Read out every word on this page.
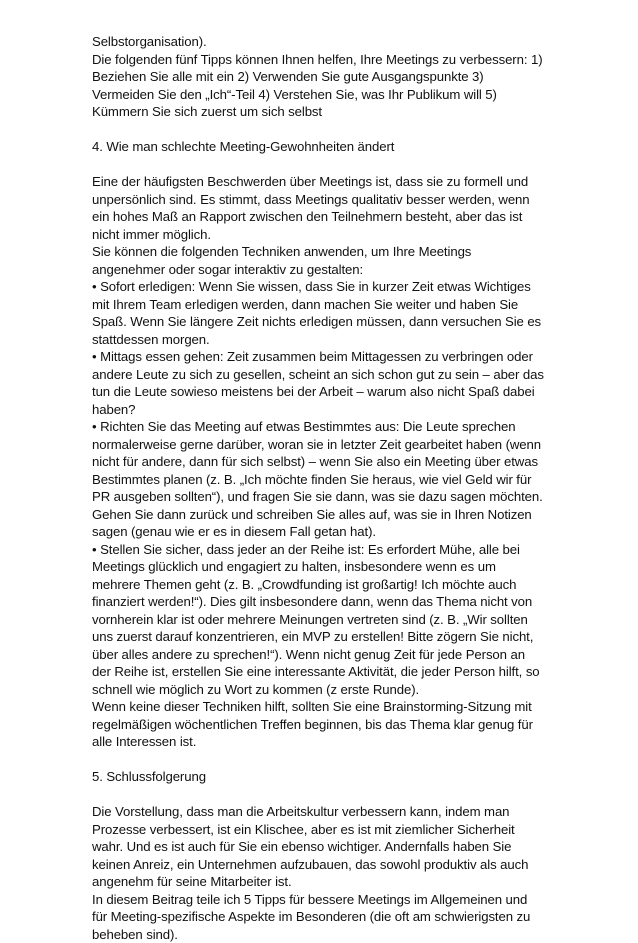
Selbstorganisation).
Die folgenden fünf Tipps können Ihnen helfen, Ihre Meetings zu verbessern: 1)
Beziehen Sie alle mit ein 2) Verwenden Sie gute Ausgangspunkte 3)
Vermeiden Sie den „Ich“-Teil 4) Verstehen Sie, was Ihr Publikum will 5)
Kümmern Sie sich zuerst um sich selbst
4. Wie man schlechte Meeting-Gewohnheiten ändert
Eine der häufigsten Beschwerden über Meetings ist, dass sie zu formell und
unpersönlich sind. Es stimmt, dass Meetings qualitativ besser werden, wenn
ein hohes Maß an Rapport zwischen den Teilnehmern besteht, aber das ist
nicht immer möglich.
Sie können die folgenden Techniken anwenden, um Ihre Meetings
angenehmer oder sogar interaktiv zu gestalten:
• Sofort erledigen: Wenn Sie wissen, dass Sie in kurzer Zeit etwas Wichtiges
mit Ihrem Team erledigen werden, dann machen Sie weiter und haben Sie
Spaß. Wenn Sie längere Zeit nichts erledigen müssen, dann versuchen Sie es
stattdessen morgen.
• Mittags essen gehen: Zeit zusammen beim Mittagessen zu verbringen oder
andere Leute zu sich zu gesellen, scheint an sich schon gut zu sein – aber das
tun die Leute sowieso meistens bei der Arbeit – warum also nicht Spaß dabei
haben?
• Richten Sie das Meeting auf etwas Bestimmtes aus: Die Leute sprechen
normalerweise gerne darüber, woran sie in letzter Zeit gearbeitet haben (wenn
nicht für andere, dann für sich selbst) – wenn Sie also ein Meeting über etwas
Bestimmtes planen (z. B. „Ich möchte finden Sie heraus, wie viel Geld wir für
PR ausgeben sollten“), und fragen Sie sie dann, was sie dazu sagen möchten.
Gehen Sie dann zurück und schreiben Sie alles auf, was sie in Ihren Notizen
sagen (genau wie er es in diesem Fall getan hat).
• Stellen Sie sicher, dass jeder an der Reihe ist: Es erfordert Mühe, alle bei
Meetings glücklich und engagiert zu halten, insbesondere wenn es um
mehrere Themen geht (z. B. „Crowdfunding ist großartig! Ich möchte auch
finanziert werden!“). Dies gilt insbesondere dann, wenn das Thema nicht von
vornherein klar ist oder mehrere Meinungen vertreten sind (z. B. „Wir sollten
uns zuerst darauf konzentrieren, ein MVP zu erstellen! Bitte zögern Sie nicht,
über alles andere zu sprechen!“). Wenn nicht genug Zeit für jede Person an
der Reihe ist, erstellen Sie eine interessante Aktivität, die jeder Person hilft, so
schnell wie möglich zu Wort zu kommen (z erste Runde).
Wenn keine dieser Techniken hilft, sollten Sie eine Brainstorming-Sitzung mit
regelmäßigen wöchentlichen Treffen beginnen, bis das Thema klar genug für
alle Interessen ist.
5. Schlussfolgerung
Die Vorstellung, dass man die Arbeitskultur verbessern kann, indem man
Prozesse verbessert, ist ein Klischee, aber es ist mit ziemlicher Sicherheit
wahr. Und es ist auch für Sie ein ebenso wichtiger. Andernfalls haben Sie
keinen Anreiz, ein Unternehmen aufzubauen, das sowohl produktiv als auch
angenehm für seine Mitarbeiter ist.
In diesem Beitrag teile ich 5 Tipps für bessere Meetings im Allgemeinen und
für Meeting-spezifische Aspekte im Besonderen (die oft am schwierigsten zu
beheben sind).
